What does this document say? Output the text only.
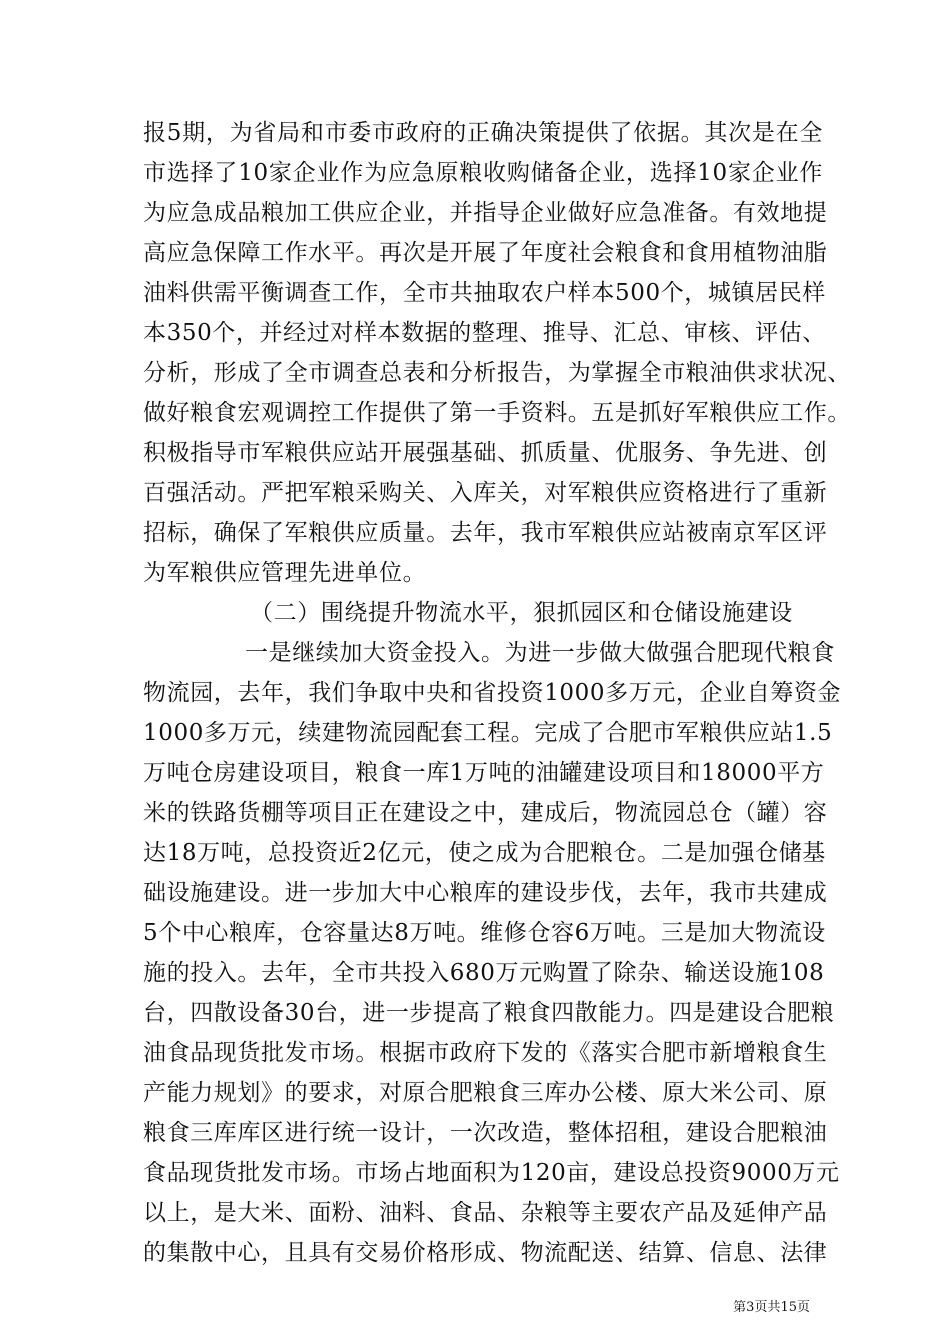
报5期，为省局和市委市政府的正确决策提供了依据。其次是在全
市选择了10家企业作为应急原粮收购储备企业，选择10家企业作
为应急成品粮加工供应企业，并指导企业做好应急准备。有效地提
高应急保障工作水平。再次是开展了年度社会粮食和食用植物油脂
油料供需平衡调查工作，全市共抽取农户样本500个，城镇居民样
本350个，并经过对样本数据的整理、推导、汇总、审核、评估、
分析，形成了全市调查总表和分析报告，为掌握全市粮油供求状况、
做好粮食宏观调控工作提供了第一手资料。五是抓好军粮供应工作。
积极指导市军粮供应站开展强基础、抓质量、优服务、争先进、创
百强活动。严把军粮采购关、入库关，对军粮供应资格进行了重新
招标，确保了军粮供应质量。去年，我市军粮供应站被南京军区评
为军粮供应管理先进单位。
（二）围绕提升物流水平，狠抓园区和仓储设施建设
一是继续加大资金投入。为进一步做大做强合肥现代粮食
物流园，去年，我们争取中央和省投资1000多万元，企业自筹资金
1000多万元，续建物流园配套工程。完成了合肥市军粮供应站1.5
万吨仓房建设项目，粮食一库1万吨的油罐建设项目和18000平方
米的铁路货棚等项目正在建设之中，建成后，物流园总仓（罐）容
达18万吨，总投资近2亿元，使之成为合肥粮仓。二是加强仓储基
础设施建设。进一步加大中心粮库的建设步伐，去年，我市共建成
5个中心粮库，仓容量达8万吨。维修仓容6万吨。三是加大物流设
施的投入。去年，全市共投入680万元购置了除杂、输送设施108
台，四散设备30台，进一步提高了粮食四散能力。四是建设合肥粮
油食品现货批发市场。根据市政府下发的《落实合肥市新增粮食生
产能力规划》的要求，对原合肥粮食三库办公楼、原大米公司、原
粮食三库库区进行统一设计，一次改造，整体招租，建设合肥粮油
食品现货批发市场。市场占地面积为120亩，建设总投资9000万元
以上，是大米、面粉、油料、食品、杂粮等主要农产品及延伸产品
的集散中心，且具有交易价格形成、物流配送、结算、信息、法律
第3页共15页
